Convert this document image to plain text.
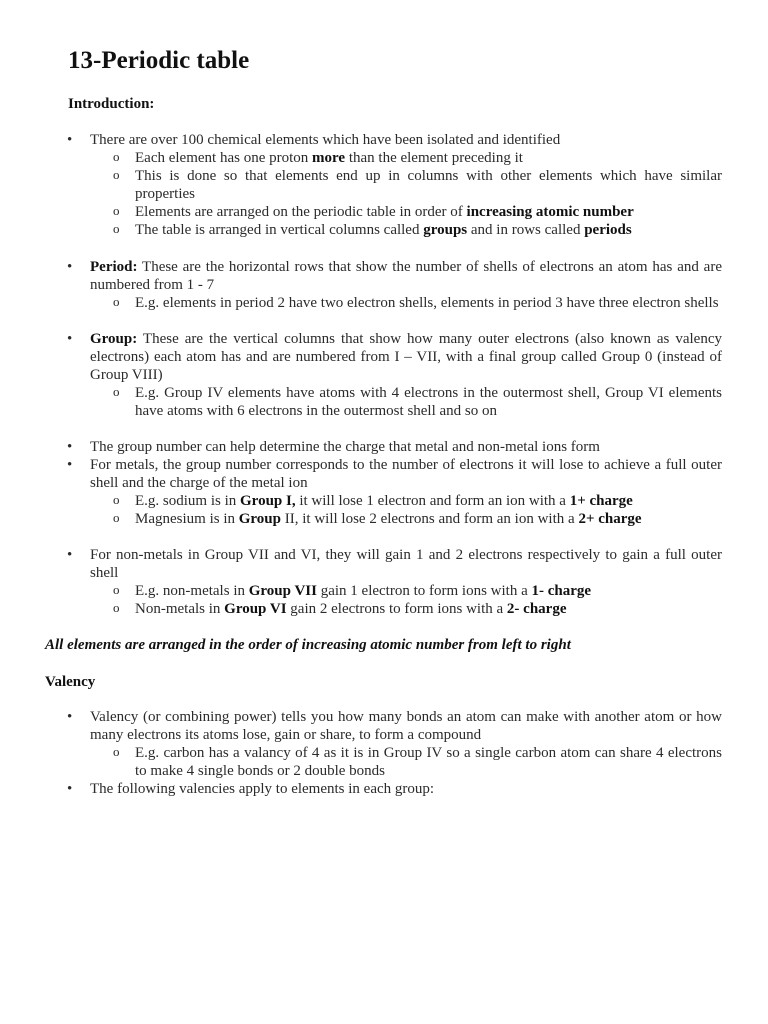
13-Periodic table

Introduction:

• There are over 100 chemical elements which have been isolated and identified
o Each element has one proton more than the element preceding it
o This is done so that elements end up in columns with other elements which have similar properties
o Elements are arranged on the periodic table in order of increasing atomic number
o The table is arranged in vertical columns called groups and in rows called periods
• Period: These are the horizontal rows that show the number of shells of electrons an atom has and are numbered from 1 - 7
o E.g. elements in period 2 have two electron shells, elements in period 3 have three electron shells
• Group: These are the vertical columns that show how many outer electrons (also known as valency electrons) each atom has and are numbered from I – VII, with a final group called Group 0 (instead of Group VIII)
o E.g. Group IV elements have atoms with 4 electrons in the outermost shell, Group VI elements have atoms with 6 electrons in the outermost shell and so on
• The group number can help determine the charge that metal and non-metal ions form
• For metals, the group number corresponds to the number of electrons it will lose to achieve a full outer shell and the charge of the metal ion
o E.g. sodium is in Group I, it will lose 1 electron and form an ion with a 1+ charge
o Magnesium is in Group II, it will lose 2 electrons and form an ion with a 2+ charge
• For non-metals in Group VII and VI, they will gain 1 and 2 electrons respectively to gain a full outer shell
o E.g. non-metals in Group VII gain 1 electron to form ions with a 1- charge
o Non-metals in Group VI gain 2 electrons to form ions with a 2- charge

All elements are arranged in the order of increasing atomic number from left to right

Valency

• Valency (or combining power) tells you how many bonds an atom can make with another atom or how many electrons its atoms lose, gain or share, to form a compound
o E.g. carbon has a valancy of 4 as it is in Group IV so a single carbon atom can share 4 electrons to make 4 single bonds or 2 double bonds
• The following valencies apply to elements in each group:
